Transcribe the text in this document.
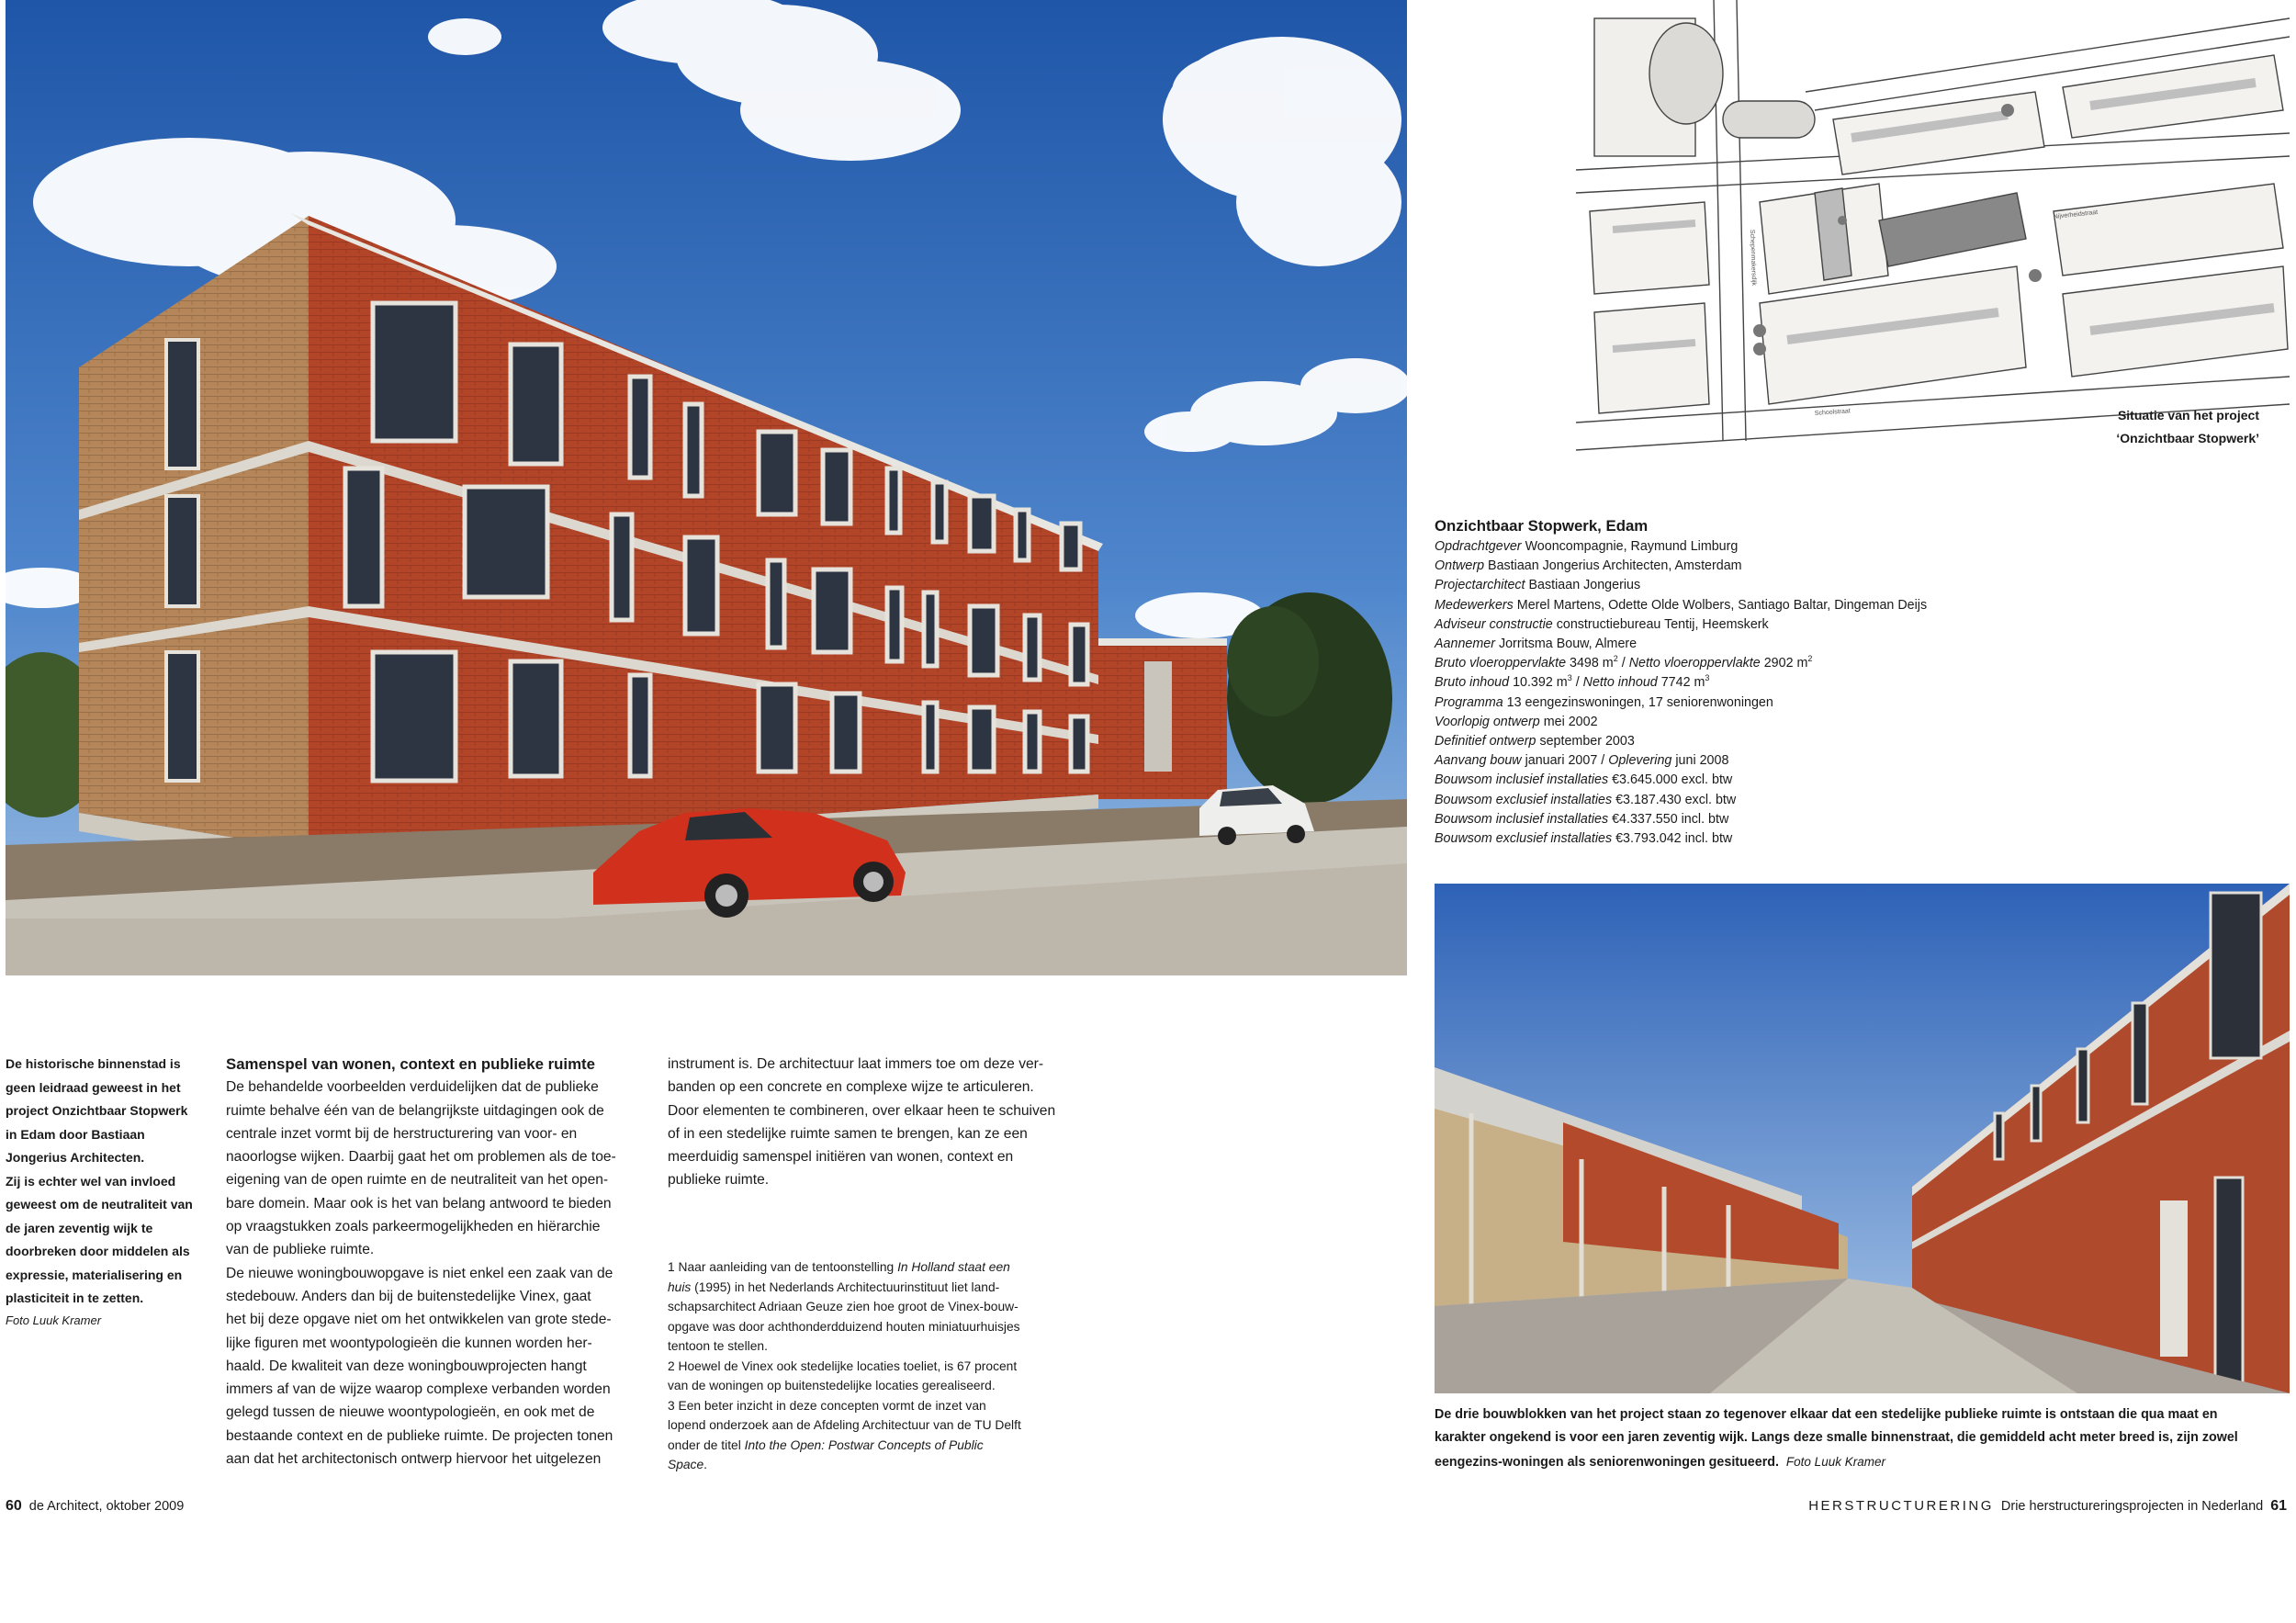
Nijverheidstraat
Schepenmakersdijk
Schoolstraat	Situatie van het project
‘Onzichtbaar Stopwerk’
Onzichtbaar Stopwerk, Edam
Opdrachtgever Wooncompagnie, Raymund Limburg
Ontwerp Bastiaan Jongerius Architecten, Amsterdam
Projectarchitect Bastiaan Jongerius
Medewerkers Merel Martens, Odette Olde Wolbers, Santiago Baltar, Dingeman Deijs
Adviseur constructie constructiebureau Tentij, Heemskerk
Aannemer Jorritsma Bouw, Almere
Bruto vloeroppervlakte 3498 $m^2$ / Netto vloeroppervlakte 2902 $m^2$
Bruto inhoud 10.392 $m^3$ / Netto inhoud 7742 $m^3$
Programma 13 eengezinswoningen, 17 seniorenwoningen
Voorlopig ontwerp mei 2002
Definitief ontwerp september 2003
Aanvang bouw januari 2007 / Oplevering juni 2008
Bouwsom inclusief installaties €3.645.000 excl. btw
Bouwsom exclusief installaties €3.187.430 excl. btw
Bouwsom inclusief installaties €4.337.550 incl. btw
Bouwsom exclusief installaties €3.793.042 incl. btw
De drie bouwblokken van het project staan zo tegenover elkaar dat een stedelijke publieke ruimte is ontstaan die qua maat en
karakter ongekend is voor een jaren zeventig wijk. Langs deze smalle binnenstraat, die gemiddeld acht meter breed is, zijn zowel
eengezins-woningen als seniorenwoningen gesitueerd. Foto Luuk Kramer
De historische binnenstad is
geen leidraad geweest in het
project Onzichtbaar Stopwerk
in Edam door Bastiaan
Jongerius Architecten.
Zij is echter wel van invloed
geweest om de neutraliteit van
de jaren zeventig wijk te
doorbreken door middelen als
expressie, materialisering en
plasticiteit in te zetten.
Foto Luuk Kramer
Samenspel van wonen, context en publieke ruimte
De behandelde voorbeelden verduidelijken dat de publieke
ruimte behalve één van de belangrijkste uitdagingen ook de
centrale inzet vormt bij de herstructurering van voor- en
naoorlogse wijken. Daarbij gaat het om problemen als de toe-
eigening van de open ruimte en de neutraliteit van het open-
bare domein. Maar ook is het van belang antwoord te bieden
op vraagstukken zoals parkeermogelijkheden en hiërarchie
van de publieke ruimte.
De nieuwe woningbouwopgave is niet enkel een zaak van de
stedebouw. Anders dan bij de buitenstedelijke Vinex, gaat
het bij deze opgave niet om het ontwikkelen van grote stede-
lijke figuren met woontypologieën die kunnen worden her-
haald. De kwaliteit van deze woningbouwprojecten hangt
immers af van de wijze waarop complexe verbanden worden
gelegd tussen de nieuwe woontypologieën, en ook met de
bestaande context en de publieke ruimte. De projecten tonen
aan dat het architectonisch ontwerp hiervoor het uitgelezen
instrument is. De architectuur laat immers toe om deze ver-
banden op een concrete en complexe wijze te articuleren.
Door elementen te combineren, over elkaar heen te schuiven
of in een stedelijke ruimte samen te brengen, kan ze een
meerduidig samenspel initiëren van wonen, context en
publieke ruimte.
1 Naar aanleiding van de tentoonstelling In Holland staat een
huis (1995) in het Nederlands Architectuurinstituut liet land-
schapsarchitect Adriaan Geuze zien hoe groot de Vinex-bouw-
opgave was door achthonderdduizend houten miniatuurhuisjes
tentoon te stellen.
2 Hoewel de Vinex ook stedelijke locaties toeliet, is 67 procent
van de woningen op buitenstedelijke locaties gerealiseerd.
3 Een beter inzicht in deze concepten vormt de inzet van
lopend onderzoek aan de Afdeling Architectuur van de TU Delft
onder de titel Into the Open: Postwar Concepts of Public
Space.
60 de Architect, oktober 2009	HERSTRUCTURERING Drie herstructureringsprojecten in Nederland 61
